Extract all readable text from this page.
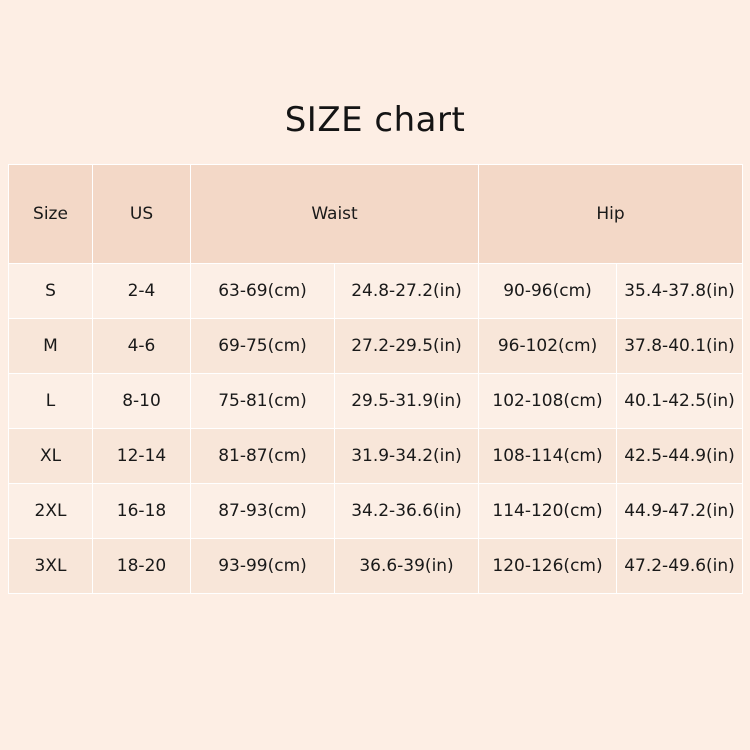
SIZE chart
Size	US	Waist		Hip	
S	2-4	63-69(cm)	24.8-27.2(in)	90-96(cm)	35.4-37.8(in)
M	4-6	69-75(cm)	27.2-29.5(in)	96-102(cm)	37.8-40.1(in)
L	8-10	75-81(cm)	29.5-31.9(in)	102-108(cm)	40.1-42.5(in)
XL	12-14	81-87(cm)	31.9-34.2(in)	108-114(cm)	42.5-44.9(in)
2XL	16-18	87-93(cm)	34.2-36.6(in)	114-120(cm)	44.9-47.2(in)
3XL	18-20	93-99(cm)	36.6-39(in)	120-126(cm)	47.2-49.6(in)
